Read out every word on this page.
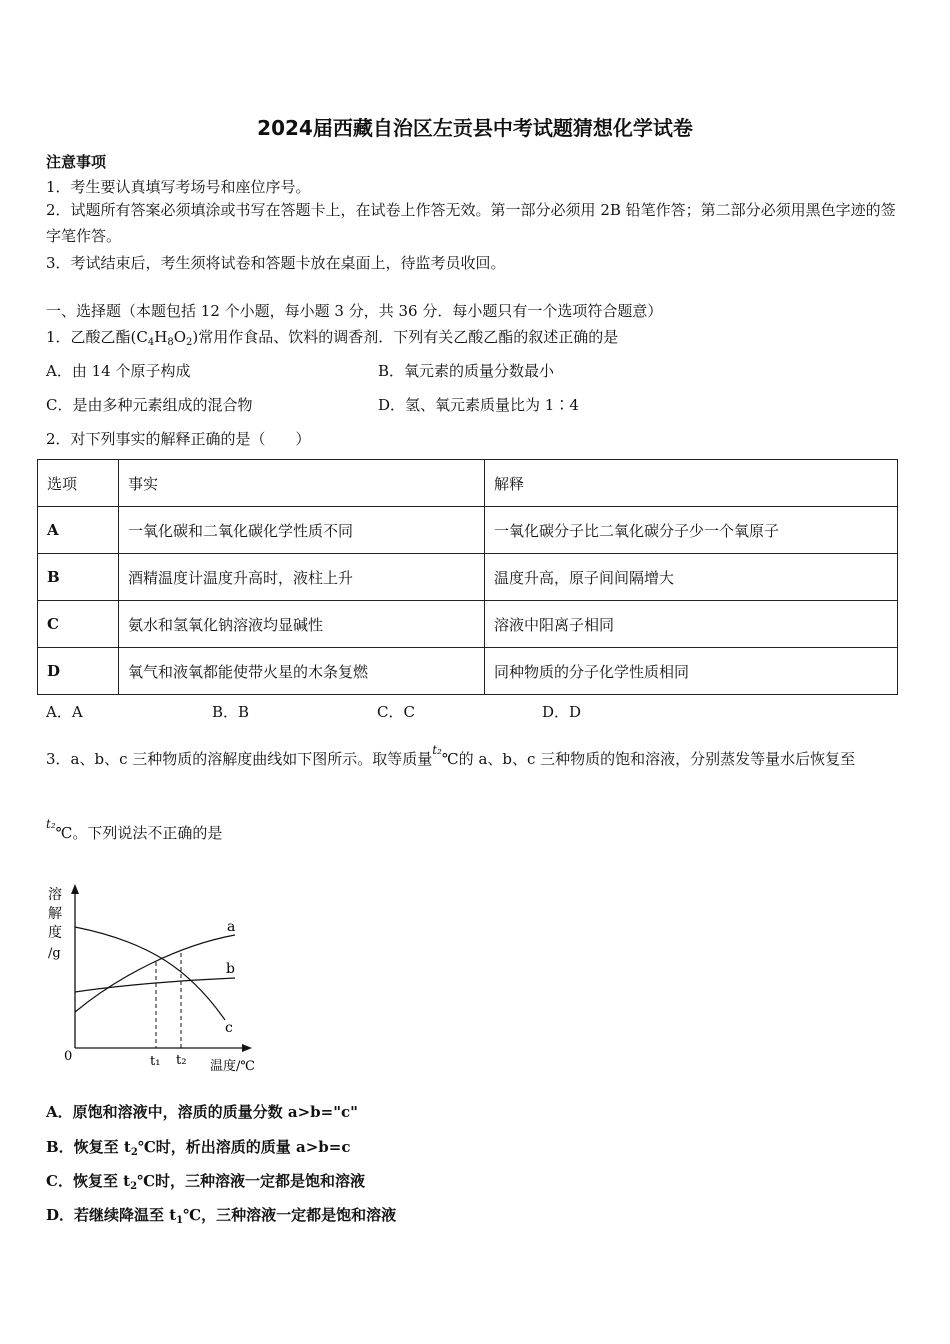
2024届西藏自治区左贡县中考试题猜想化学试卷
注意事项
1．考生要认真填写考场号和座位序号。
2．试题所有答案必须填涂或书写在答题卡上，在试卷上作答无效。第一部分必须用 2B 铅笔作答；第二部分必须用黑色字迹的签字笔作答。
3．考试结束后，考生须将试卷和答题卡放在桌面上，待监考员收回。
一、选择题（本题包括 12 个小题，每小题 3 分，共 36 分．每小题只有一个选项符合题意）
1．乙酸乙酯$(C_4H_8O_2)$常用作食品、饮料的调香剂．下列有关乙酸乙酯的叙述正确的是
A．由 14 个原子构成	B．氧元素的质量分数最小
C．是由多种元素组成的混合物	D．氢、氧元素质量比为 1∶4
2．对下列事实的解释正确的是（　　）
选项	事实	解释
A	一氧化碳和二氧化碳化学性质不同	一氧化碳分子比二氧化碳分子少一个氧原子
B	酒精温度计温度升高时，液柱上升	温度升高，原子间间隔增大
C	氨水和氢氧化钠溶液均显碱性	溶液中阳离子相同
D	氧气和液氧都能使带火星的木条复燃	同种物质的分子化学性质相同
A．A	B．B	C．C	D．D
3．a、b、c 三种物质的溶解度曲线如下图所示。取等质量$^{t_2}$℃的 a、b、c 三种物质的饱和溶液，分别蒸发等量水后恢复至
$^{t_2}$℃。下列说法不正确的是
溶
解
度
/g
0
a
b
c
t₁ t₂ 温度/℃
A．原饱和溶液中，溶质的质量分数 a>b="c"
B．恢复至 $t_2℃$时，析出溶质的质量 a>b=c
C．恢复至 $t_2℃$时，三种溶液一定都是饱和溶液
D．若继续降温至 $t_1℃$，三种溶液一定都是饱和溶液
